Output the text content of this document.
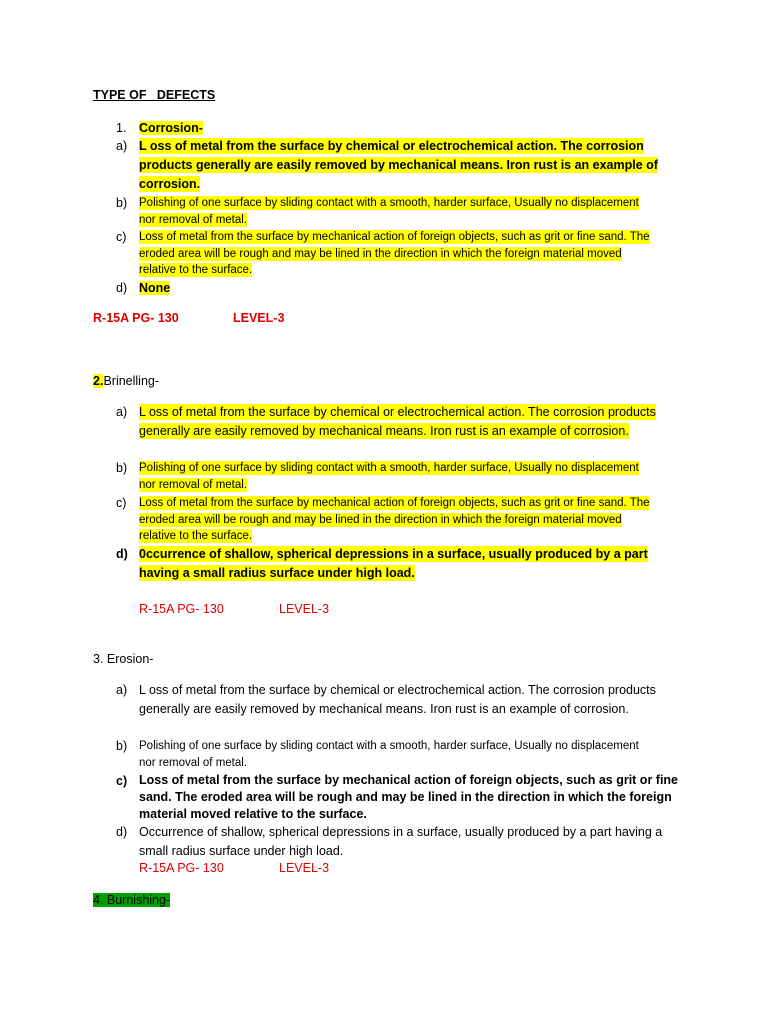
TYPE OF   DEFECTS
1. Corrosion-
a) L oss of metal from the surface by chemical or electrochemical action. The corrosion products generally are easily removed by mechanical means. Iron rust is an example of corrosion.
b) Polishing of one surface by sliding contact with a smooth, harder surface, Usually no displacement nor removal of metal.
c) Loss of metal from the surface by mechanical action of foreign objects, such as grit or fine sand. The eroded area will be rough and may be lined in the direction in which the foreign material moved relative to the surface.
d) None
R-15A PG- 130	LEVEL-3
2.Brinelling-
a) L oss of metal from the surface by chemical or electrochemical action. The corrosion products generally are easily removed by mechanical means. Iron rust is an example of corrosion.
b) Polishing of one surface by sliding contact with a smooth, harder surface, Usually no displacement nor removal of metal.
c) Loss of metal from the surface by mechanical action of foreign objects, such as grit or fine sand. The eroded area will be rough and may be lined in the direction in which the foreign material moved relative to the surface.
d) 0ccurrence of shallow, spherical depressions in a surface, usually produced by a part having a small radius surface under high load.
R-15A PG- 130	LEVEL-3
3. Erosion-
a) L oss of metal from the surface by chemical or electrochemical action. The corrosion products generally are easily removed by mechanical means. Iron rust is an example of corrosion.
b) Polishing of one surface by sliding contact with a smooth, harder surface, Usually no displacement nor removal of metal.
c) Loss of metal from the surface by mechanical action of foreign objects, such as grit or fine sand. The eroded area will be rough and may be lined in the direction in which the foreign material moved relative to the surface.
d) Occurrence of shallow, spherical depressions in a surface, usually produced by a part having a small radius surface under high load.
R-15A PG- 130	LEVEL-3
4. Burnishing-
